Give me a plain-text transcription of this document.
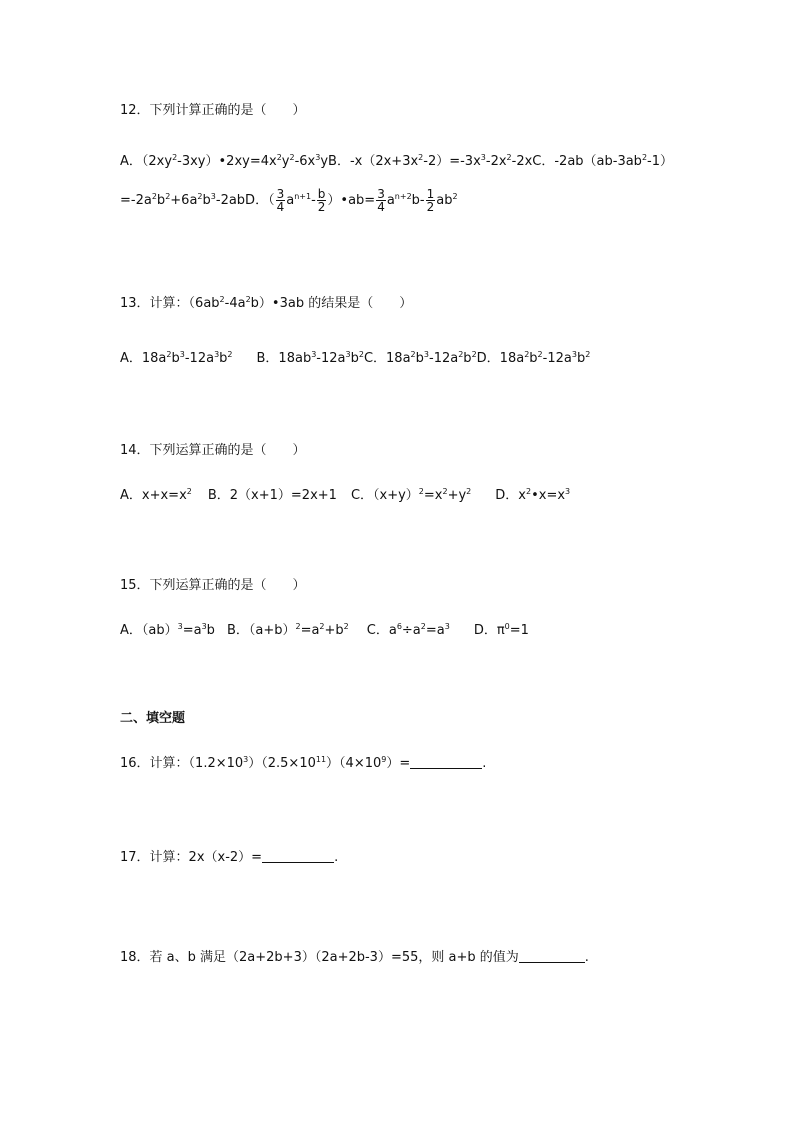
12．下列计算正确的是（　　）
A．$(2xy^2-3xy)•2xy=4x^2y^2-6x^3yB$．$-x(2x+3x^2-2)=-3x^3-2x^2-2xC$．$-2ab(ab-3ab^2-1)$
$=-2a^2b^2+6a^2b^3-2abD$．（ $\frac{3}{4} a^{n+1}- \frac{b}{2}$ ）•ab= $\frac{3}{4} a^{n+2}b- \frac{1}{2} ab^2$
13．计算：$(6ab^2-4a^2b)•3ab$ 的结果是（　　）
A．$18a^2b^3-12a^3b^2$ B．$18ab^3-12a^3b^2C$．$18a^2b^3-12a^2b^2D$．$18a^2b^2-12a^3b^2$
14．下列运算正确的是（　　）
A．$x+x=x^2$ B．2（x+1）=2x+1 C．$(x+y)^2=x^2+y^2$ D．$x^2•x=x^3$
15．下列运算正确的是（　　）
A．$(ab)^3=a^3b$ B．$(a+b)^2=a^2+b^2$ C．$a^6\div a^2=a^3$ D．$\pi^0=1$
二、填空题
16．计算：$(1.2\times 10^3)(2.5\times 10^{11})(4\times 10^9)=$	.
17．计算：2x（x-2）=	.
18．若 a、b 满足（2a+2b+3）（2a+2b-3）=55，则 a+b 的值为	.
